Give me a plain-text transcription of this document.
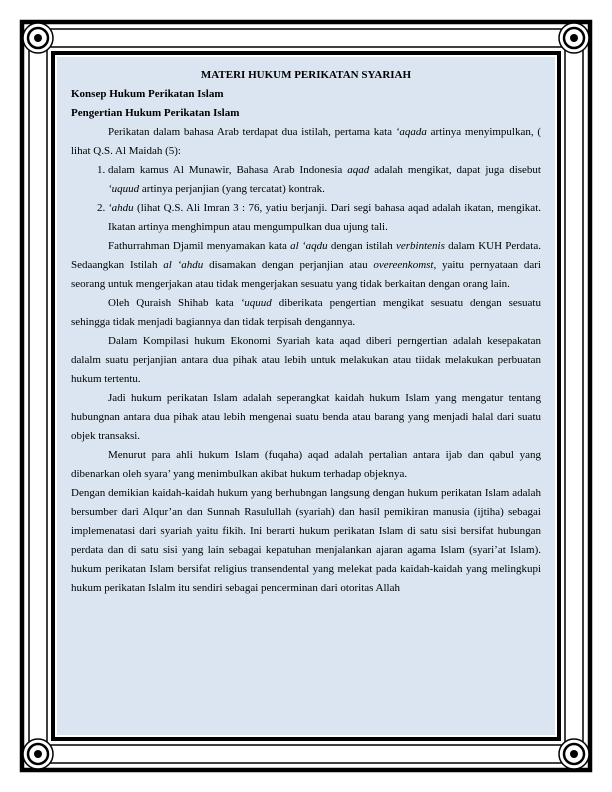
MATERI HUKUM PERIKATAN SYARIAH

Konsep Hukum Perikatan Islam

Pengertian Hukum Perikatan Islam

Perikatan dalam bahasa Arab terdapat dua istilah, pertama kata ‘aqada artinya menyimpulkan, ( lihat Q.S. Al Maidah (5):

1. dalam kamus Al Munawir, Bahasa Arab Indonesia aqad adalah mengikat, dapat juga disebut ‘uquud artinya perjanjian (yang tercatat) kontrak.
2. ‘ahdu (lihat Q.S. Ali Imran 3 : 76, yatiu berjanji. Dari segi bahasa aqad adalah ikatan, mengikat. Ikatan artinya menghimpun atau mengumpulkan dua ujung tali.

Fathurrahman Djamil menyamakan kata al ‘aqdu dengan istilah verbintenis dalam KUH Perdata. Sedaangkan Istilah al ‘ahdu disamakan dengan perjanjian atau overeenkomst, yaitu pernyataan dari seorang untuk mengerjakan atau tidak mengerjakan sesuatu yang tidak berkaitan dengan orang lain.

Oleh Quraish Shihab kata ‘uquud diberikata pengertian mengikat sesuatu dengan sesuatu sehingga tidak menjadi bagiannya dan tidak terpisah dengannya.

Dalam Kompilasi hukum Ekonomi Syariah kata aqad diberi perngertian adalah kesepakatan dalalm suatu perjanjian antara dua pihak atau lebih untuk melakukan atau tiidak melakukan perbuatan hukum tertentu.

Jadi hukum perikatan Islam adalah seperangkat kaidah hukum Islam yang mengatur tentang hubungnan antara dua pihak atau lebih mengenai suatu benda atau barang yang menjadi halal dari suatu objek transaksi.

Menurut para ahli hukum Islam (fuqaha) aqad adalah pertalian antara ijab dan qabul yang dibenarkan oleh syara’ yang menimbulkan akibat hukum terhadap objeknya.

Dengan demikian kaidah-kaidah hukum yang berhubngan langsung dengan hukum perikatan Islam adalah bersumber dari Alqur’an dan Sunnah Rasulullah (syariah) dan hasil pemikiran manusia (ijtiha) sebagai implemenatasi dari syariah yaitu fikih. Ini berarti hukum perikatan Islam di satu sisi bersifat hubungan perdata dan di satu sisi yang lain sebagai kepatuhan menjalankan ajaran agama Islam (syari’at Islam). hukum perikatan Islam bersifat religius transendental yang melekat pada kaidah-kaidah yang melingkupi hukum perikatan Islalm itu sendiri sebagai pencerminan dari otoritas Allah
